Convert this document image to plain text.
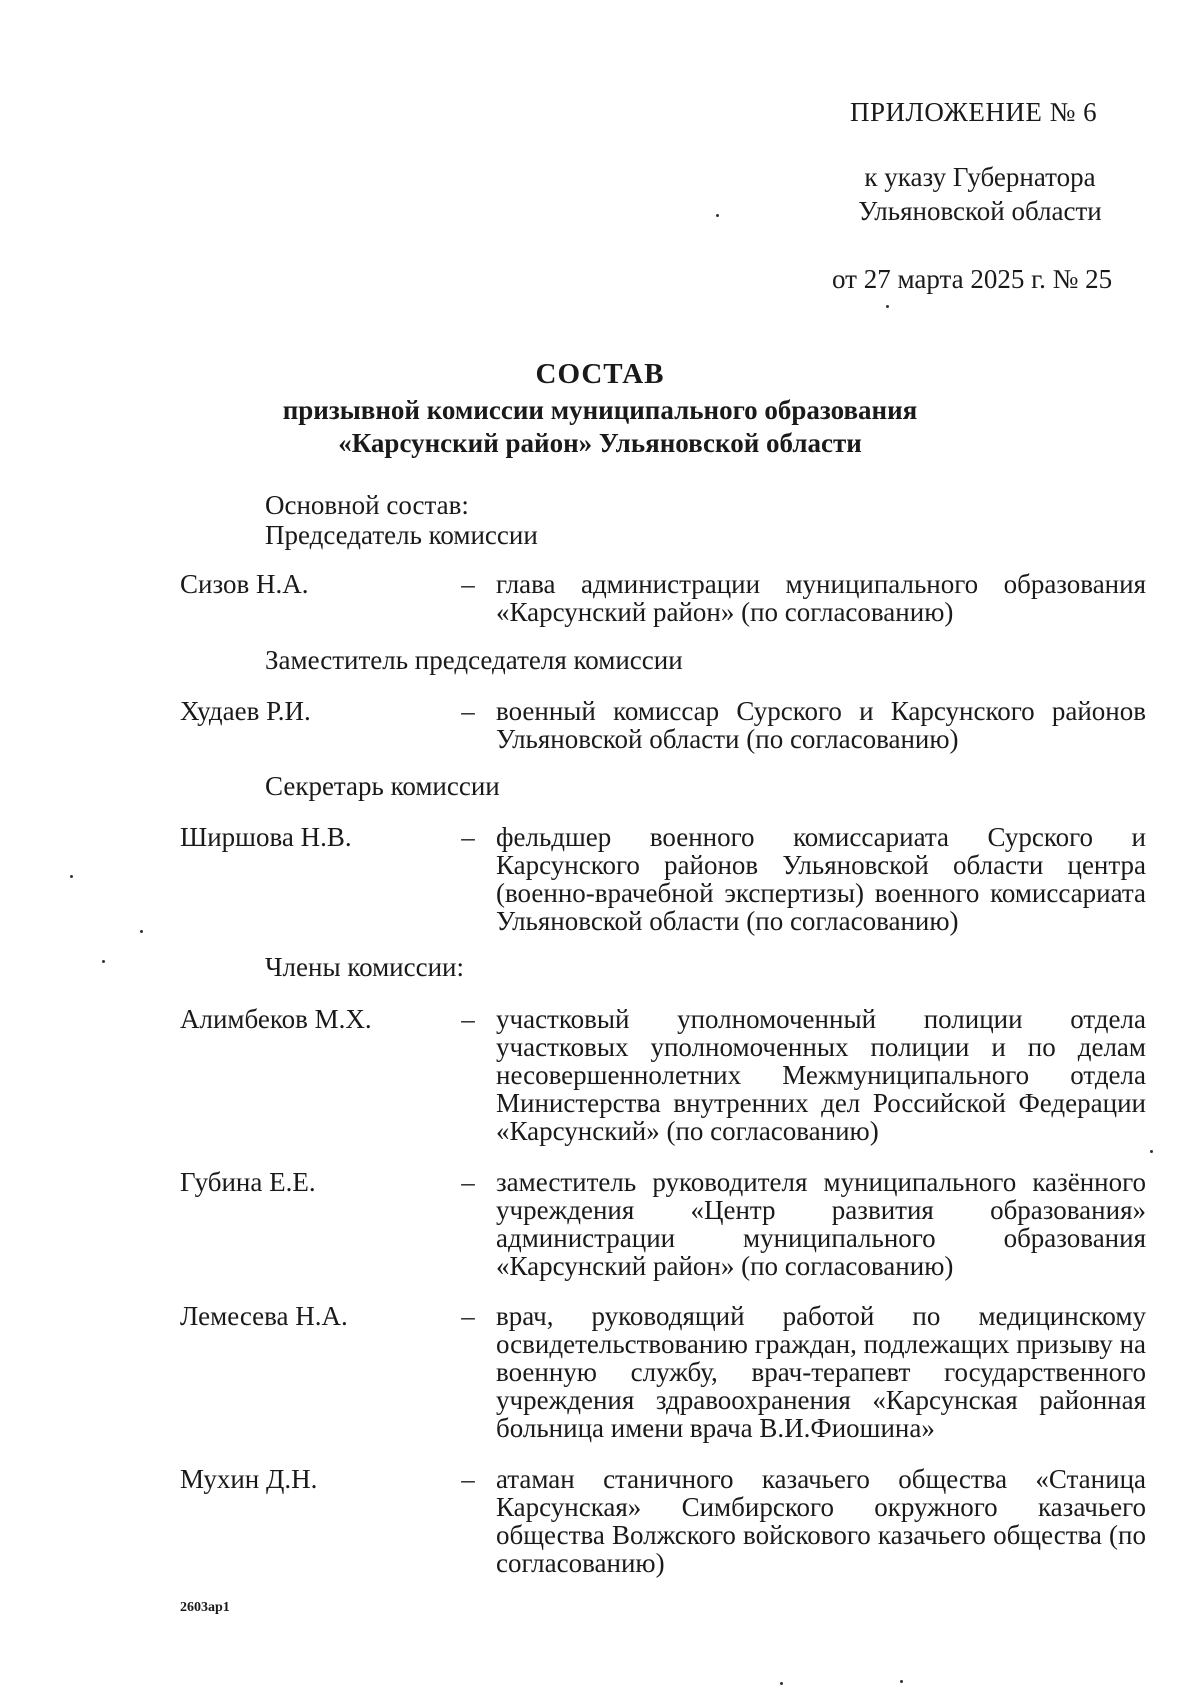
ПРИЛОЖЕНИЕ № 6
к указу Губернатора
Ульяновской области
от 27 марта 2025 г. № 25
СОСТАВ
призывной комиссии муниципального образования
«Карсунский район» Ульяновской области
Основной состав:
Председатель комиссии
Сизов Н.А.	– глава администрации муниципального образования «Карсунский район» (по согласованию)
Заместитель председателя комиссии
Худаев Р.И.	– военный комиссар Сурского и Карсунского районов Ульяновской области (по согласованию)
Секретарь комиссии
Ширшова Н.В.	– фельдшер военного комиссариата Сурского и Карсунского районов Ульяновской области центра (военно-врачебной экспертизы) военного комиссариата Ульяновской области (по согласованию)
Члены комиссии:
Алимбеков М.Х.	– участковый уполномоченный полиции отдела участковых уполномоченных полиции и по делам несовершеннолетних Межмуниципального отдела Министерства внутренних дел Российской Федерации «Карсунский» (по согласованию)
Губина Е.Е.	– заместитель руководителя муниципального казённого учреждения «Центр развития образования» администрации муниципального образования «Карсунский район» (по согласованию)
Лемесева Н.А.	– врач, руководящий работой по медицинскому освидетельствованию граждан, подлежащих призыву на военную службу, врач-терапевт государственного учреждения здравоохранения «Карсунская районная больница имени врача В.И.Фиошина»
Мухин Д.Н.	– атаман станичного казачьего общества «Станица Карсунская» Симбирского окружного казачьего общества Волжского войскового казачьего общества (по согласованию)
2603ap1
